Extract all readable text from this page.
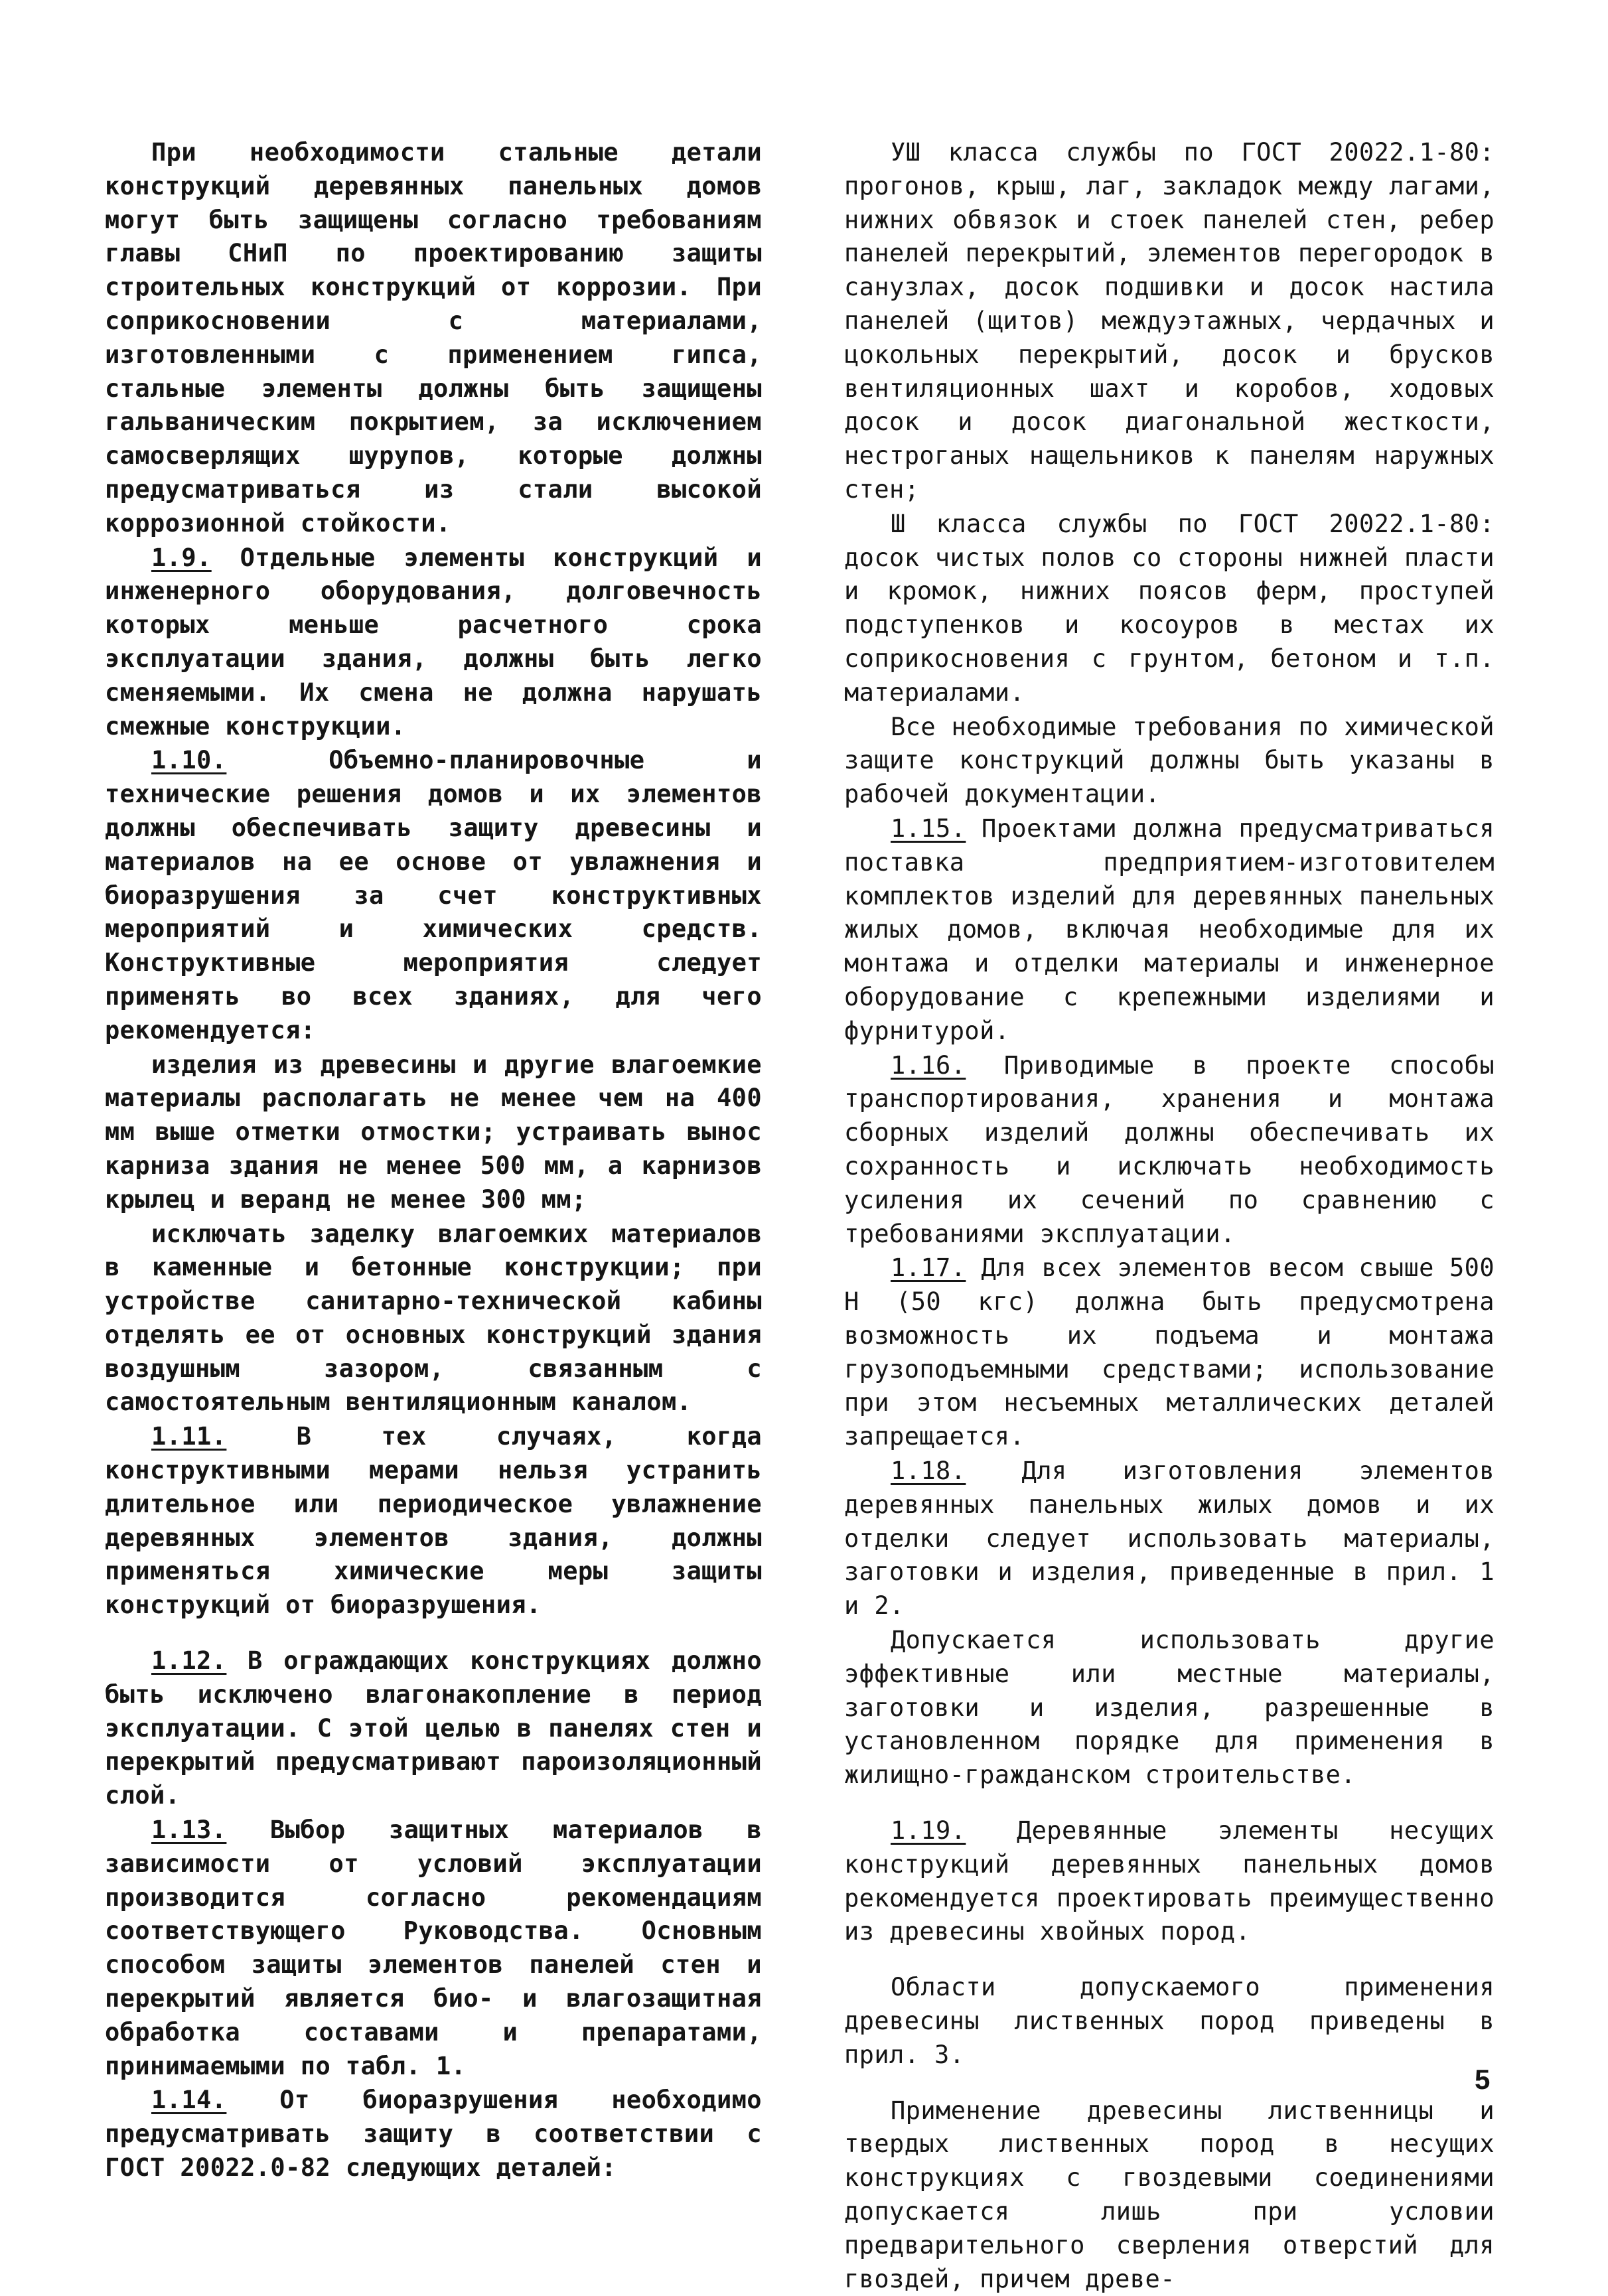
При необходимости стальные детали конструкций деревянных панельных домов могут быть защищены согласно требованиям главы СНиП по проектированию защиты строительных конструкций от коррозии. При соприкосновении с материалами, изготовленными с применением гипса, стальные элементы должны быть защищены гальваническим покрытием, за исключением самосверлящих шурупов, которые должны предусматриваться из стали высокой коррозионной стойкости.

1.9. Отдельные элементы конструкций и инженерного оборудования, долговечность которых меньше расчетного срока эксплуатации здания, должны быть легко сменяемыми. Их смена не должна нарушать смежные конструкции.

1.10. Объемно-планировочные и технические решения домов и их элементов должны обеспечивать защиту древесины и материалов на ее основе от увлажнения и биоразрушения за счет конструктивных мероприятий и химических средств. Конструктивные мероприятия следует применять во всех зданиях, для чего рекомендуется:

изделия из древесины и другие влагоемкие материалы располагать не менее чем на 400 мм выше отметки отмостки; устраивать вынос карниза здания не менее 500 мм, а карнизов крылец и веранд не менее 300 мм;

исключать заделку влагоемких материалов в каменные и бетонные конструкции; при устройстве санитарно-технической кабины отделять ее от основных конструкций здания воздушным зазором, связанным с самостоятельным вентиляционным каналом.

1.11. В тех случаях, когда конструктивными мерами нельзя устранить длительное или периодическое увлажнение деревянных элементов здания, должны применяться химические меры защиты конструкций от биоразрушения.

1.12. В ограждающих конструкциях должно быть исключено влагонакопление в период эксплуатации. С этой целью в панелях стен и перекрытий предусматривают пароизоляционный слой.

1.13. Выбор защитных материалов в зависимости от условий эксплуатации производится согласно рекомендациям соответствующего Руководства. Основным способом защиты элементов панелей стен и перекрытий является био- и влагозащитная обработка составами и препаратами, принимаемыми по табл. 1.

1.14. От биоразрушения необходимо предусматривать защиту в соответствии с ГОСТ 20022.0-82 следующих деталей:

УШ класса службы по ГОСТ 20022.1-80: прогонов, крыш, лаг, закладок между лагами, нижних обвязок и стоек панелей стен, ребер панелей перекрытий, элементов перегородок в санузлах, досок подшивки и досок настила панелей (щитов) междуэтажных, чердачных и цокольных перекрытий, досок и брусков вентиляционных шахт и коробов, ходовых досок и досок диагональной жесткости, нестроганых нащельников к панелям наружных стен;

Ш класса службы по ГОСТ 20022.1-80: досок чистых полов со стороны нижней пласти и кромок, нижних поясов ферм, проступей подступенков и косоуров в местах их соприкосновения с грунтом, бетоном и т.п. материалами.

Все необходимые требования по химической защите конструкций должны быть указаны в рабочей документации.

1.15. Проектами должна предусматриваться поставка предприятием-изготовителем комплектов изделий для деревянных панельных жилых домов, включая необходимые для их монтажа и отделки материалы и инженерное оборудование с крепежными изделиями и фурнитурой.

1.16. Приводимые в проекте способы транспортирования, хранения и монтажа сборных изделий должны обеспечивать их сохранность и исключать необходимость усиления их сечений по сравнению с требованиями эксплуатации.

1.17. Для всех элементов весом свыше 500 Н (50 кгс) должна быть предусмотрена возможность их подъема и монтажа грузоподъемными средствами; использование при этом несъемных металлических деталей запрещается.

1.18. Для изготовления элементов деревянных панельных жилых домов и их отделки следует использовать материалы, заготовки и изделия, приведенные в прил. 1 и 2.

Допускается использовать другие эффективные или местные материалы, заготовки и изделия, разрешенные в установленном порядке для применения в жилищно-гражданском строительстве.

1.19. Деревянные элементы несущих конструкций деревянных панельных домов рекомендуется проектировать преимущественно из древесины хвойных пород.

Области допускаемого применения древесины лиственных пород приведены в прил. 3.

Применение древесины лиственницы и твердых лиственных пород в несущих конструкциях с гвоздевыми соединениями допускается лишь при условии предварительного сверления отверстий для гвоздей, причем древе-

5
